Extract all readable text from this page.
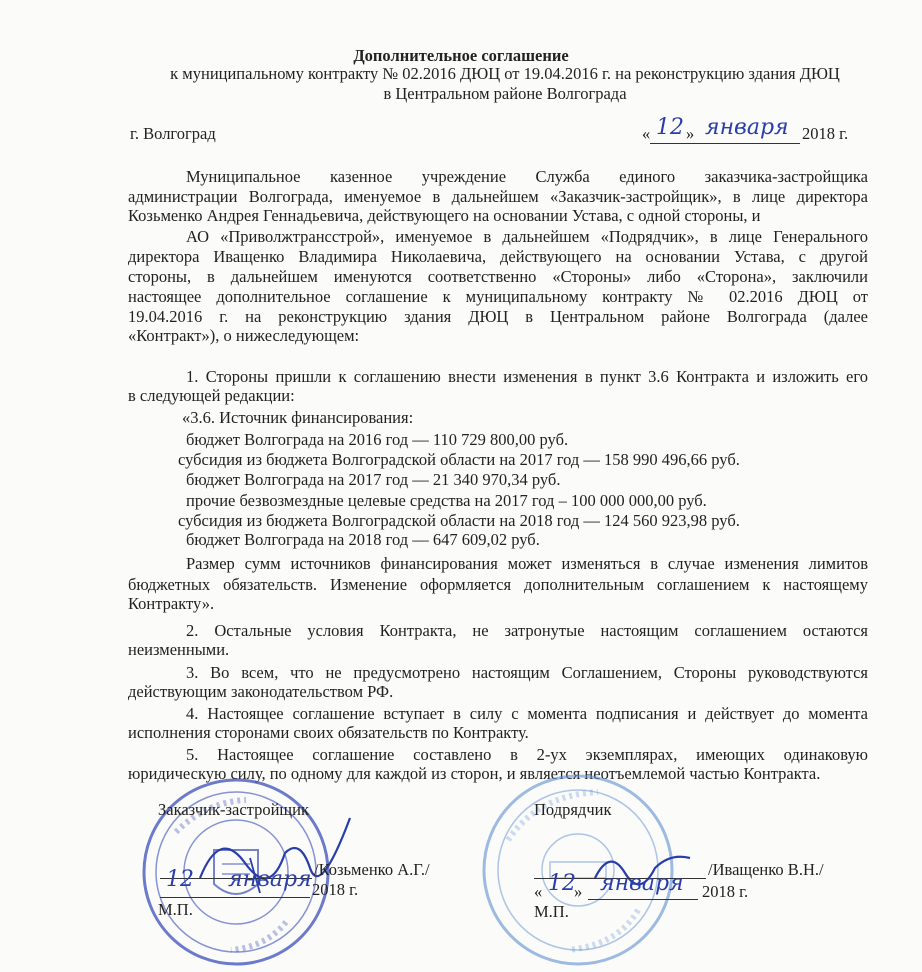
Дополнительное соглашение
к муниципальному контракту № 02.2016 ДЮЦ от 19.04.2016 г. на реконструкцию здания ДЮЦ
в Центральном районе Волгограда
г. Волгоград	« 12 » января 2018 г.
Муниципальное казенное учреждение Служба единого заказчика-застройщика
администрации Волгограда, именуемое в дальнейшем «Заказчик-застройщик», в лице директора
Козьменко Андрея Геннадьевича, действующего на основании Устава, с одной стороны, и
АО «Приволжтрансстрой», именуемое в дальнейшем «Подрядчик», в лице Генерального
директора Иващенко Владимира Николаевича, действующего на основании Устава, с другой
стороны, в дальнейшем именуются соответственно «Стороны» либо «Сторона», заключили
настоящее дополнительное соглашение к муниципальному контракту № 02.2016 ДЮЦ от
19.04.2016 г. на реконструкцию здания ДЮЦ в Центральном районе Волгограда (далее
«Контракт»), о нижеследующем:
1. Стороны пришли к соглашению внести изменения в пункт 3.6 Контракта и изложить его
в следующей редакции:
«3.6. Источник финансирования:
бюджет Волгограда на 2016 год — 110 729 800,00 руб.
субсидия из бюджета Волгоградской области на 2017 год — 158 990 496,66 руб.
бюджет Волгограда на 2017 год — 21 340 970,34 руб.
прочие безвозмездные целевые средства на 2017 год – 100 000 000,00 руб.
субсидия из бюджета Волгоградской области на 2018 год — 124 560 923,98 руб.
бюджет Волгограда на 2018 год — 647 609,02 руб.
Размер сумм источников финансирования может изменяться в случае изменения лимитов
бюджетных обязательств. Изменение оформляется дополнительным соглашением к настоящему
Контракту».
2. Остальные условия Контракта, не затронутые настоящим соглашением остаются
неизменными.
3. Во всем, что не предусмотрено настоящим Соглашением, Стороны руководствуются
действующим законодательством РФ.
4. Настоящее соглашение вступает в силу с момента подписания и действует до момента
исполнения сторонами своих обязательств по Контракту.
5. Настоящее соглашение составлено в 2-ух экземплярах, имеющих одинаковую
юридическую силу, по одному для каждой из сторон, и является неотъемлемой частью Контракта.
Заказчик-застройщик
/Козьменко А.Г./
12 января 2018 г.
М.П.
Подрядчик
/Иващенко В.Н./
« 12
» января 2018 г.
М.П.
